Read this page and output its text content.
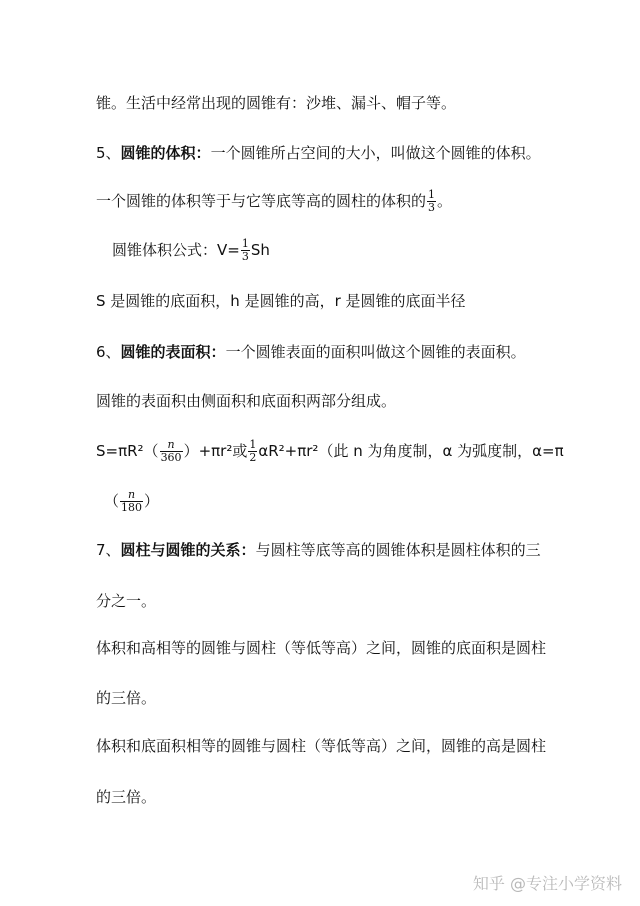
锥。生活中经常出现的圆锥有：沙堆、漏斗、帽子等。
5、圆锥的体积：一个圆锥所占空间的大小，叫做这个圆锥的体积。
一个圆锥的体积等于与它等底等高的圆柱的体积的 $\frac{1}{3}$ 。
圆锥体积公式：$V= \frac{1}{3}$ Sh
S 是圆锥的底面积，h 是圆锥的高，r 是圆锥的底面半径
6、圆锥的表面积：一个圆锥表面的面积叫做这个圆锥的表面积。
圆锥的表面积由侧面积和底面积两部分组成。
$S=\pi R^2( \frac{n}{360} )+\pi r^2$或 $\frac{1}{2} \alpha R^2+\pi r^2$（此 n 为角度制，α 为弧度制，α=π
（ $\frac{n}{180}$ ）
7、圆柱与圆锥的关系：与圆柱等底等高的圆锥体积是圆柱体积的三
分之一。
体积和高相等的圆锥与圆柱（等低等高）之间，圆锥的底面积是圆柱
的三倍。
体积和底面积相等的圆锥与圆柱（等低等高）之间，圆锥的高是圆柱
的三倍。
知乎 @专注小学资料
